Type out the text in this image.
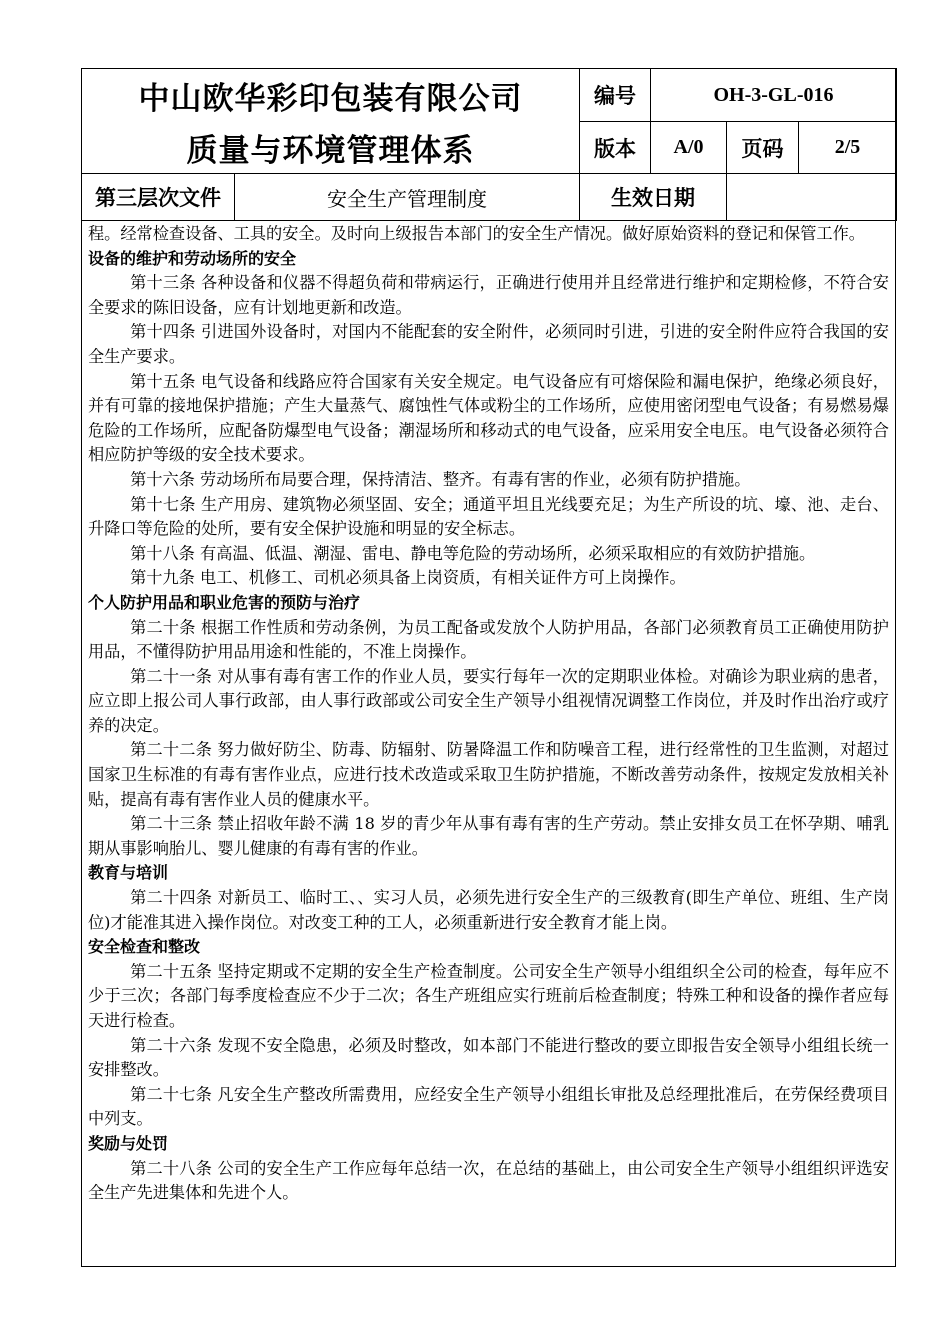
中山欧华彩印包装有限公司		编号	OH-3-GL-016		
质量与环境管理体系		版本	A/0	页码	2/5
第三层次文件	安全生产管理制度	生效日期			

程。经常检查设备、工具的安全。及时向上级报告本部门的安全生产情况。做好原始资料的登记和保管工作。

设备的维护和劳动场所的安全

第十三条 各种设备和仪器不得超负荷和带病运行，正确进行使用并且经常进行维护和定期检修，不符合安全要求的陈旧设备，应有计划地更新和改造。

第十四条 引进国外设备时，对国内不能配套的安全附件，必须同时引进，引进的安全附件应符合我国的安全生产要求。

第十五条 电气设备和线路应符合国家有关安全规定。电气设备应有可熔保险和漏电保护，绝缘必须良好，并有可靠的接地保护措施；产生大量蒸气、腐蚀性气体或粉尘的工作场所，应使用密闭型电气设备；有易燃易爆危险的工作场所，应配备防爆型电气设备；潮湿场所和移动式的电气设备，应采用安全电压。电气设备必须符合相应防护等级的安全技术要求。

第十六条 劳动场所布局要合理，保持清洁、整齐。有毒有害的作业，必须有防护措施。

第十七条 生产用房、建筑物必须坚固、安全；通道平坦且光线要充足；为生产所设的坑、壕、池、走台、升降口等危险的处所，要有安全保护设施和明显的安全标志。

第十八条 有高温、低温、潮湿、雷电、静电等危险的劳动场所，必须采取相应的有效防护措施。

第十九条 电工、机修工、司机必须具备上岗资质，有相关证件方可上岗操作。

个人防护用品和职业危害的预防与治疗

第二十条 根据工作性质和劳动条例，为员工配备或发放个人防护用品，各部门必须教育员工正确使用防护用品，不懂得防护用品用途和性能的，不准上岗操作。

第二十一条 对从事有毒有害工作的作业人员，要实行每年一次的定期职业体检。对确诊为职业病的患者，应立即上报公司人事行政部，由人事行政部或公司安全生产领导小组视情况调整工作岗位，并及时作出治疗或疗养的决定。

第二十二条 努力做好防尘、防毒、防辐射、防暑降温工作和防噪音工程，进行经常性的卫生监测，对超过国家卫生标准的有毒有害作业点，应进行技术改造或采取卫生防护措施，不断改善劳动条件，按规定发放相关补贴，提高有毒有害作业人员的健康水平。

第二十三条 禁止招收年龄不满 18 岁的青少年从事有毒有害的生产劳动。禁止安排女员工在怀孕期、哺乳期从事影响胎儿、婴儿健康的有毒有害的作业。

教育与培训

第二十四条 对新员工、临时工、、实习人员，必须先进行安全生产的三级教育(即生产单位、班组、生产岗位)才能准其进入操作岗位。对改变工种的工人，必须重新进行安全教育才能上岗。

安全检查和整改

第二十五条 坚持定期或不定期的安全生产检查制度。公司安全生产领导小组组织全公司的检查，每年应不少于三次；各部门每季度检查应不少于二次；各生产班组应实行班前后检查制度；特殊工种和设备的操作者应每天进行检查。

第二十六条 发现不安全隐患，必须及时整改，如本部门不能进行整改的要立即报告安全领导小组组长统一安排整改。

第二十七条 凡安全生产整改所需费用，应经安全生产领导小组组长审批及总经理批准后，在劳保经费项目中列支。

奖励与处罚

第二十八条 公司的安全生产工作应每年总结一次，在总结的基础上，由公司安全生产领导小组组织评选安全生产先进集体和先进个人。
